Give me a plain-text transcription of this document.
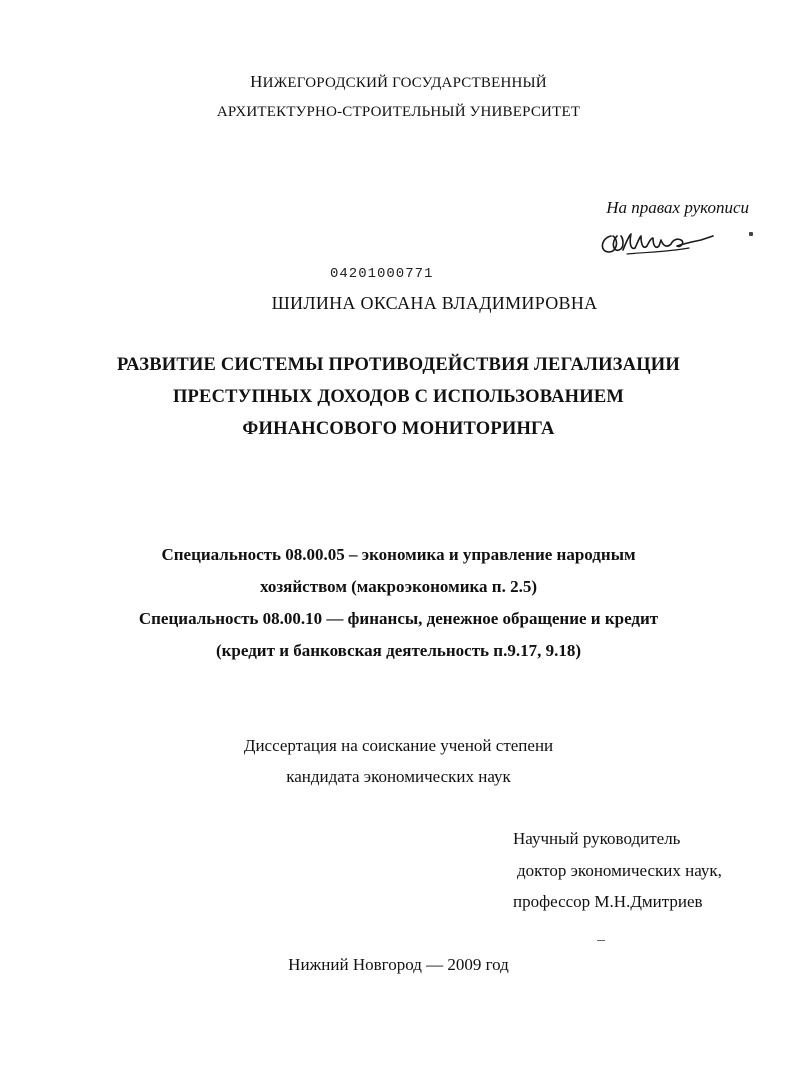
НИЖЕГОРОДСКИЙ ГОСУДАРСТВЕННЫЙ
АРХИТЕКТУРНО-СТРОИТЕЛЬНЫЙ УНИВЕРСИТЕТ
На правах рукописи
04201000771
ШИЛИНА ОКСАНА ВЛАДИМИРОВНА
РАЗВИТИЕ СИСТЕМЫ ПРОТИВОДЕЙСТВИЯ ЛЕГАЛИЗАЦИИ
ПРЕСТУПНЫХ ДОХОДОВ С ИСПОЛЬЗОВАНИЕМ
ФИНАНСОВОГО МОНИТОРИНГА
Специальность 08.00.05 – экономика и управление народным
хозяйством (макроэкономика п. 2.5)
Специальность 08.00.10 — финансы, денежное обращение и кредит
(кредит и банковская деятельность п.9.17, 9.18)
Диссертация на соискание ученой степени
кандидата экономических наук
Научный руководитель
доктор экономических наук,
профессор М.Н.Дмитриев
Нижний Новгород — 2009 год
